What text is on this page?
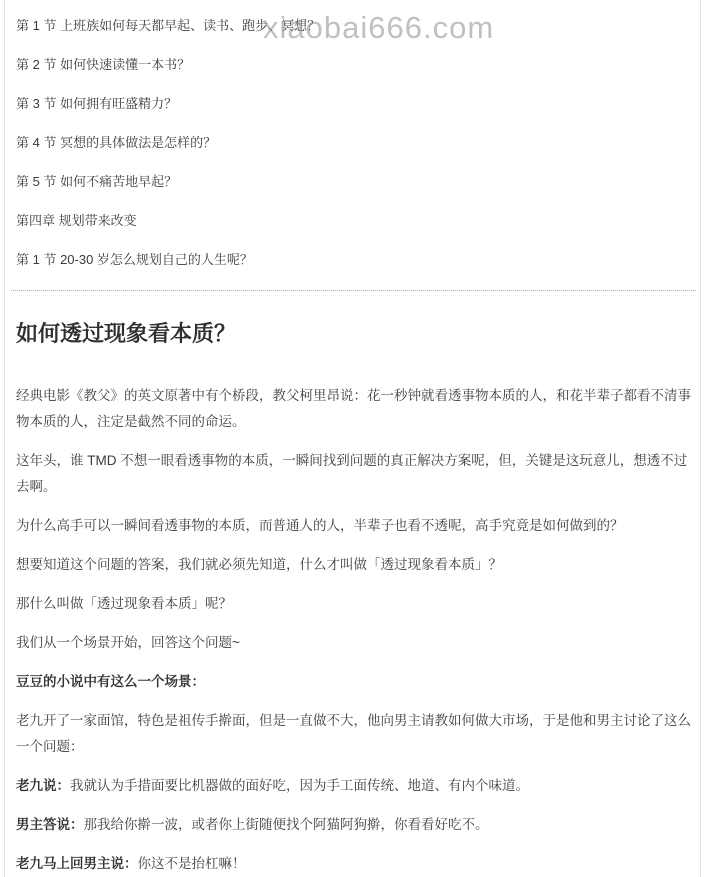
第 1 节 上班族如何每天都早起、读书、跑步、冥想？
第 2 节 如何快速读懂一本书？
第 3 节 如何拥有旺盛精力？
第 4 节 冥想的具体做法是怎样的？
第 5 节 如何不痛苦地早起？
第四章 规划带来改变
第 1 节 20-30 岁怎么规划自己的人生呢？
如何透过现象看本质？

经典电影《教父》的英文原著中有个桥段，教父柯里昂说：花一秒钟就看透事物本质的人，和花半辈子都看不清事物本质的人，注定是截然不同的命运。

这年头，谁 TMD 不想一眼看透事物的本质，一瞬间找到问题的真正解决方案呢，但，关键是这玩意儿，想透不过去啊。

为什么高手可以一瞬间看透事物的本质，而普通人的人，半辈子也看不透呢，高手究竟是如何做到的？

想要知道这个问题的答案，我们就必须先知道，什么才叫做「透过现象看本质」？

那什么叫做「透过现象看本质」呢？

我们从一个场景开始，回答这个问题~

豆豆的小说中有这么一个场景：

老九开了一家面馆，特色是祖传手擀面，但是一直做不大，他向男主请教如何做大市场，于是他和男主讨论了这么一个问题：

老九说：我就认为手措面要比机器做的面好吃，因为手工面传统、地道、有内个味道。

男主答说：那我给你擀一波，或者你上街随便找个阿猫阿狗擀，你看看好吃不。

老九马上回男主说：你这不是抬杠嘛！

xiaobai666.com
